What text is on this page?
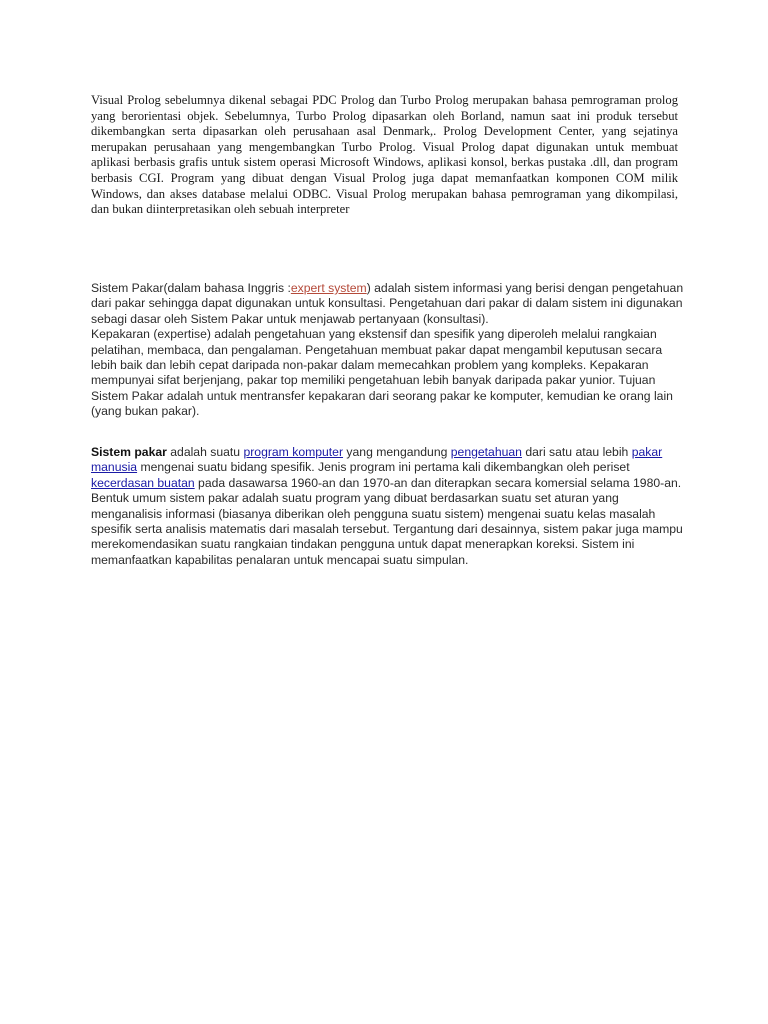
Visual Prolog sebelumnya dikenal sebagai PDC Prolog dan Turbo Prolog merupakan bahasa pemrograman prolog yang berorientasi objek. Sebelumnya, Turbo Prolog dipasarkan oleh Borland, namun saat ini produk tersebut dikembangkan serta dipasarkan oleh perusahaan asal Denmark,. Prolog Development Center, yang sejatinya merupakan perusahaan yang mengembangkan Turbo Prolog. Visual Prolog dapat digunakan untuk membuat aplikasi berbasis grafis untuk sistem operasi Microsoft Windows, aplikasi konsol, berkas pustaka .dll, dan program berbasis CGI. Program yang dibuat dengan Visual Prolog juga dapat memanfaatkan komponen COM milik Windows, dan akses database melalui ODBC. Visual Prolog merupakan bahasa pemrograman yang dikompilasi, dan bukan diinterpretasikan oleh sebuah interpreter

Sistem Pakar(dalam bahasa Inggris :expert system) adalah sistem informasi yang berisi dengan pengetahuan dari pakar sehingga dapat digunakan untuk konsultasi. Pengetahuan dari pakar di dalam sistem ini digunakan sebagi dasar oleh Sistem Pakar untuk menjawab pertanyaan (konsultasi).
Kepakaran (expertise) adalah pengetahuan yang ekstensif dan spesifik yang diperoleh melalui rangkaian pelatihan, membaca, dan pengalaman. Pengetahuan membuat pakar dapat mengambil keputusan secara lebih baik dan lebih cepat daripada non-pakar dalam memecahkan problem yang kompleks. Kepakaran mempunyai sifat berjenjang, pakar top memiliki pengetahuan lebih banyak daripada pakar yunior. Tujuan Sistem Pakar adalah untuk mentransfer kepakaran dari seorang pakar ke komputer, kemudian ke orang lain (yang bukan pakar).
Sistem pakar adalah suatu program komputer yang mengandung pengetahuan dari satu atau lebih pakar manusia mengenai suatu bidang spesifik. Jenis program ini pertama kali dikembangkan oleh periset kecerdasan buatan pada dasawarsa 1960-an dan 1970-an dan diterapkan secara komersial selama 1980-an. Bentuk umum sistem pakar adalah suatu program yang dibuat berdasarkan suatu set aturan yang menganalisis informasi (biasanya diberikan oleh pengguna suatu sistem) mengenai suatu kelas masalah spesifik serta analisis matematis dari masalah tersebut. Tergantung dari desainnya, sistem pakar juga mampu merekomendasikan suatu rangkaian tindakan pengguna untuk dapat menerapkan koreksi. Sistem ini memanfaatkan kapabilitas penalaran untuk mencapai suatu simpulan.
